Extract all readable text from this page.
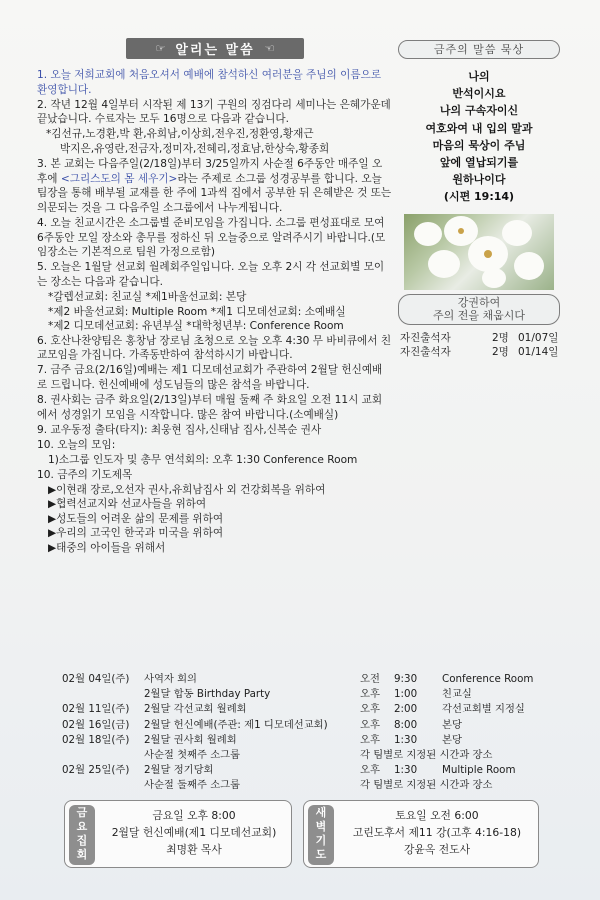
☞ 알리는 말씀 ☜
1. 오늘 저희교회에 처음오셔서 예배에 참석하신 여러분을 주님의 이름으로 환영합니다.
2. 작년 12월 4일부터 시작된 제 13기 구원의 징검다리 세미나는 은혜가운데 끝났습니다. 수료자는 모두 16명으로 다음과 같습니다.
*김선규,노경환,박 환,유희남,이상희,전우진,정환영,황재근
박지은,유영란,전금자,정미자,전혜리,정효남,한상숙,황종희
3. 본 교회는 다음주일(2/18일)부터 3/25일까지 사순절 6주동안 매주일 오후에 <그리스도의 몸 세우기>라는 주제로 소그룹 성경공부를 합니다. 오늘 팀장을 통해 배부될 교재를 한 주에 1과씩 집에서 공부한 뒤 은혜받은 것 또는 의문되는 것을 그 다음주일 소그룹에서 나누게됩니다.
4. 오늘 친교시간은 소그룹별 준비모임을 가집니다. 소그룹 편성표대로 모여 6주동안 모일 장소와 총무를 정하신 뒤 오늘중으로 알려주시기 바랍니다.(모임장소는 기본적으로 팀원 가정으로함)
5. 오늘은 1월달 선교회 월례회주일입니다. 오늘 오후 2시 각 선교회별 모이는 장소는 다음과 같습니다.
*갈렙선교회: 친교실 *제1바울선교회: 본당
*제2 바울선교회: Multiple Room *제1 디모데선교회: 소예배실
*제2 디모데선교회: 유년부실 *대학청년부: Conference Room
6. 호산나찬양팀은 홍창남 장로님 초청으로 오늘 오후 4:30 무 바비큐에서 친교모임을 가집니다. 가족동반하여 참석하시기 바랍니다.
7. 금주 금요(2/16일)예배는 제1 디모데선교회가 주관하여 2월달 헌신예배로 드립니다. 헌신예배에 성도님들의 많은 참석을 바랍니다.
8. 권사회는 금주 화요일(2/13일)부터 매월 둘째 주 화요일 오전 11시 교회에서 성경읽기 모임을 시작합니다. 많은 참여 바랍니다.(소예배실)
9. 교우동정 출타(타지): 최웅현 집사,신태남 집사,신복순 권사
10. 오늘의 모임:
1)소그룹 인도자 및 총무 연석회의: 오후 1:30 Conference Room
10. 금주의 기도제목
▶이현래 장로,오선자 권사,유희남집사 외 건강회복을 위하여
▶협력선교지와 선교사들을 위하여
▶성도들의 어려운 삶의 문제를 위하여
▶우리의 고국인 한국과 미국을 위하여
▶태중의 아이들을 위해서
금주의 말씀 묵상
나의
반석이시요
나의 구속자이신
여호와여 내 입의 말과
마음의 묵상이 주님
앞에 열납되기를
원하나이다
(시편 19:14)
강권하여
주의 전을 채웁시다
자진출석자	2명 01/07일
자진출석자	2명 01/14일
02월 04일(주)	사역자 회의	오전	9:30	Conference Room
2월달 합동 Birthday Party	오후	1:00	친교실
02월 11일(주)	2월달 각선교회 월례회	오후	2:00	각선교회별 지정실
02월 16일(금)	2월달 헌신예배(주관: 제1 디모데선교회)	오후	8:00	본당
02월 18일(주)	2월달 권사회 월례회	오후	1:30	본당
사순절 첫째주 소그룹	각 팀별로 지정된 시간과 장소
02월 25일(주)	2월달 정기당회	오후	1:30	Multiple Room
사순절 둘째주 소그룹	각 팀별로 지정된 시간과 장소
금
요
집
회
금요일 오후 8:00
2월달 헌신예배(제1 디모데선교회)
최명환 목사
새
벽
기
도
토요일 오전 6:00
고린도후서 제11 강(고후 4:16-18)
강윤옥 전도사
